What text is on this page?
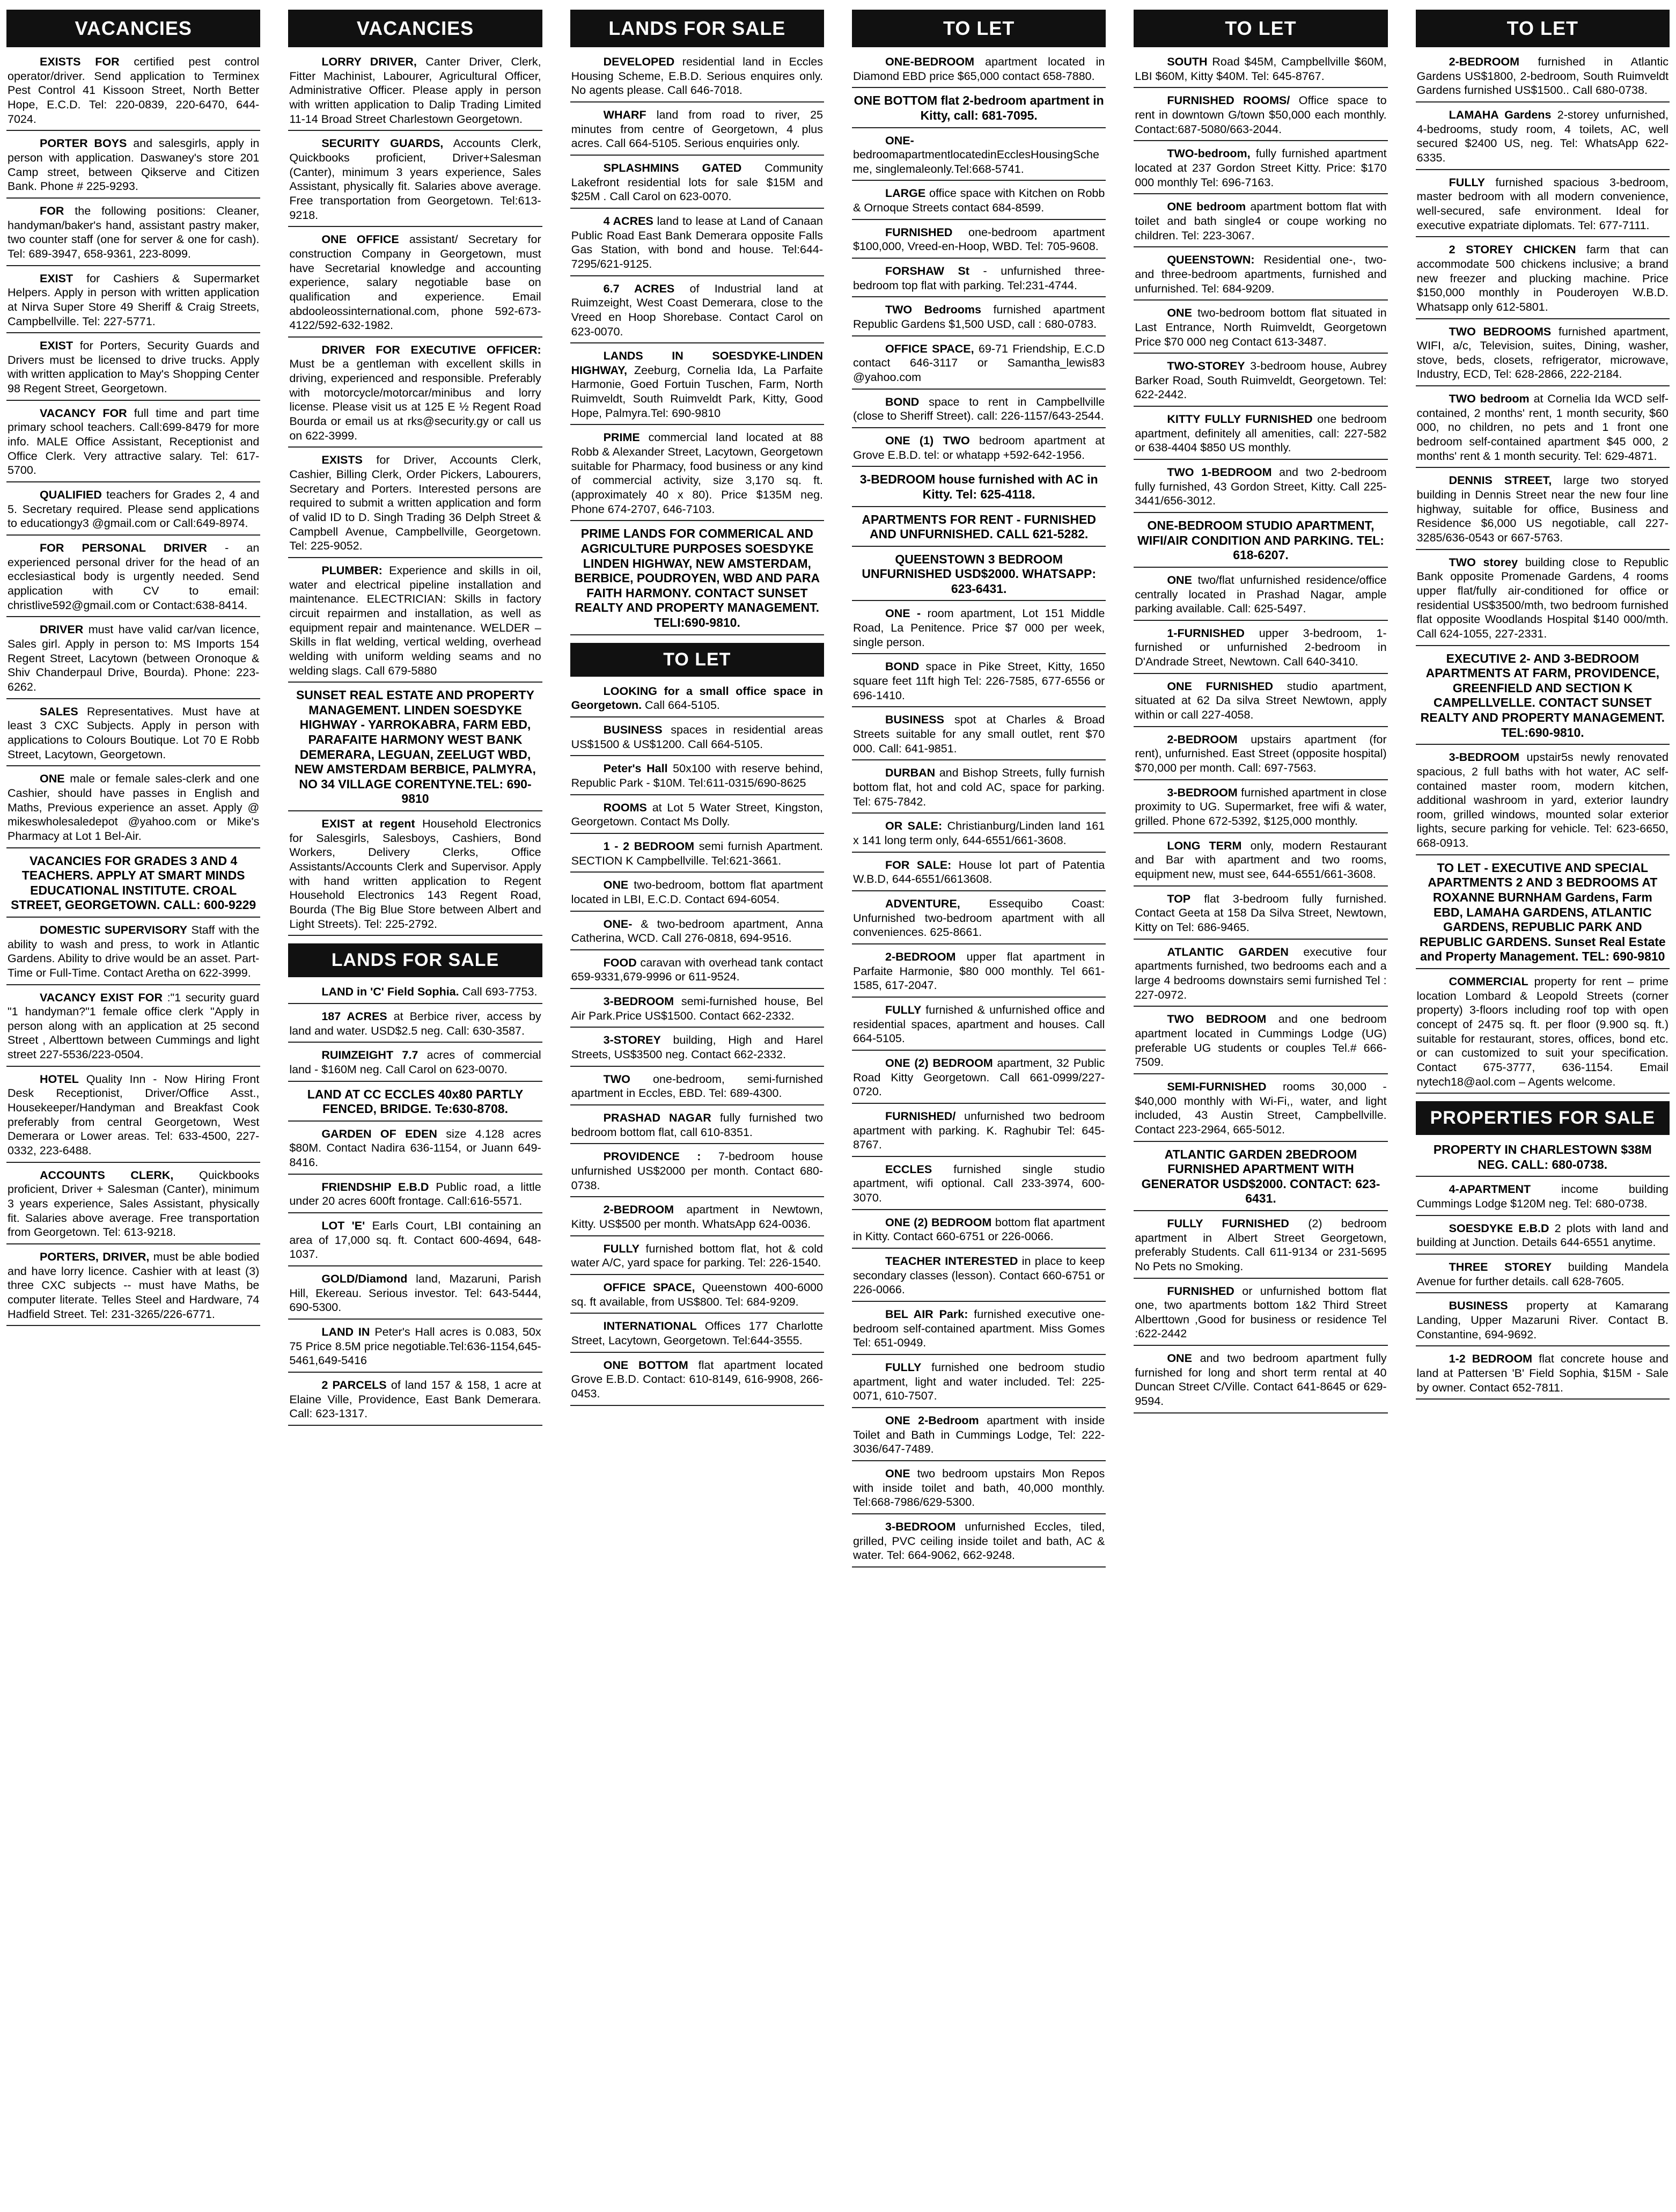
VACANCIES
EXISTS FOR certified pest control operator/driver. Send application to Terminex Pest Control 41 Kissoon Street, North Better Hope, E.C.D. Tel: 220-0839, 220-6470, 644-7024.
PORTER BOYS and salesgirls, apply in person with application. Daswaney's store 201 Camp street, between Qikserve and Citizen Bank. Phone # 225-9293.
FOR the following positions: Cleaner, handyman/baker's hand, assistant pastry maker, two counter staff (one for server & one for cash). Tel: 689-3947, 658-9361, 223-8099.
EXIST for Cashiers & Supermarket Helpers. Apply in person with written application at Nirva Super Store 49 Sheriff & Craig Streets, Campbellville. Tel: 227-5771.
EXIST for Porters, Security Guards and Drivers must be licensed to drive trucks. Apply with written application to May's Shopping Center 98 Regent Street, Georgetown.
VACANCY FOR full time and part time primary school teachers. Call:699-8479 for more info. MALE Office Assistant, Receptionist and Office Clerk. Very attractive salary. Tel: 617-5700.
QUALIFIED teachers for Grades 2, 4 and 5. Secretary required. Please send applications to educationgy3 @gmail.com or Call:649-8974.
FOR PERSONAL DRIVER - an experienced personal driver for the head of an ecclesiastical body is urgently needed. Send application with CV to email: christlive592@gmail.com or Contact:638-8414.
DRIVER must have valid car/van licence, Sales girl. Apply in person to: MS Imports 154 Regent Street, Lacytown (between Oronoque & Shiv Chanderpaul Drive, Bourda). Phone: 223-6262.
SALES Representatives. Must have at least 3 CXC Subjects. Apply in person with applications to Colours Boutique. Lot 70 E Robb Street, Lacytown, Georgetown.
ONE male or female sales-clerk and one Cashier, should have passes in English and Maths, Previous experience an asset. Apply @ mikeswholesaledepot @yahoo.com or Mike's Pharmacy at Lot 1 Bel-Air.
VACANCIES FOR GRADES 3 AND 4 TEACHERS. APPLY AT SMART MINDS EDUCATIONAL INSTITUTE. CROAL STREET, GEORGETOWN. CALL: 600-9229
DOMESTIC SUPERVISORY Staff with the ability to wash and press, to work in Atlantic Gardens. Ability to drive would be an asset. Part-Time or Full-Time. Contact Aretha on 622-3999.
VACANCY EXIST FOR :"1 security guard "1 handyman?"1 female office clerk "Apply in person along with an application at 25 second Street , Alberttown between Cummings and light street 227-5536/223-0504.
HOTEL Quality Inn - Now Hiring Front Desk Receptionist, Driver/Office Asst., Housekeeper/Handyman and Breakfast Cook preferably from central Georgetown, West Demerara or Lower areas. Tel: 633-4500, 227-0332, 223-6488.
ACCOUNTS CLERK, Quickbooks proficient, Driver + Salesman (Canter), minimum 3 years experience, Sales Assistant, physically fit. Salaries above average. Free transportation from Georgetown. Tel: 613-9218.
PORTERS, DRIVER, must be able bodied and have lorry licence. Cashier with at least (3) three CXC subjects -- must have Maths, be computer literate. Telles Steel and Hardware, 74 Hadfield Street. Tel: 231-3265/226-6771.
VACANCIES
LORRY DRIVER, Canter Driver, Clerk, Fitter Machinist, Labourer, Agricultural Officer, Administrative Officer. Please apply in person with written application to Dalip Trading Limited 11-14 Broad Street Charlestown Georgetown.
SECURITY GUARDS, Accounts Clerk, Quickbooks proficient, Driver+Salesman (Canter), minimum 3 years experience, Sales Assistant, physically fit. Salaries above average. Free transportation from Georgetown. Tel:613-9218.
ONE OFFICE assistant/ Secretary for construction Company in Georgetown, must have Secretarial knowledge and accounting experience, salary negotiable base on qualification and experience. Email abdooleossinternational.com, phone 592-673-4122/592-632-1982.
DRIVER FOR EXECUTIVE OFFICER: Must be a gentleman with excellent skills in driving, experienced and responsible. Preferably with motorcycle/motorcar/minibus and lorry license. Please visit us at 125 E ½ Regent Road Bourda or email us at rks@security.gy or call us on 622-3999.
EXISTS for Driver, Accounts Clerk, Cashier, Billing Clerk, Order Pickers, Labourers, Secretary and Porters. Interested persons are required to submit a written application and form of valid ID to D. Singh Trading 36 Delph Street & Campbell Avenue, Campbellville, Georgetown. Tel: 225-9052.
PLUMBER: Experience and skills in oil, water and electrical pipeline installation and maintenance. ELECTRICIAN: Skills in factory circuit repairmen and installation, as well as equipment repair and maintenance. WELDER – Skills in flat welding, vertical welding, overhead welding with uniform welding seams and no welding slags. Call 679-5880
SUNSET REAL ESTATE AND PROPERTY MANAGEMENT. LINDEN SOESDYKE HIGHWAY - YARROKABRA, FARM EBD, PARAFAITE HARMONY WEST BANK DEMERARA, LEGUAN, ZEELUGT WBD, NEW AMSTERDAM BERBICE, PALMYRA, NO 34 VILLAGE CORENTYNE.TEL: 690-9810
EXIST at regent Household Electronics for Salesgirls, Salesboys, Cashiers, Bond Workers, Delivery Clerks, Office Assistants/Accounts Clerk and Supervisor. Apply with hand written application to Regent Household Electronics 143 Regent Road, Bourda (The Big Blue Store between Albert and Light Streets). Tel: 225-2792.
LANDS FOR SALE
LAND in 'C' Field Sophia. Call 693-7753.
187 ACRES at Berbice river, access by land and water. USD$2.5 neg. Call: 630-3587.
RUIMZEIGHT 7.7 acres of commercial land - $160M neg. Call Carol on 623-0070.
LAND AT CC ECCLES 40x80 PARTLY FENCED, BRIDGE. Te:630-8708.
GARDEN OF EDEN size 4.128 acres $80M. Contact Nadira 636-1154, or Juann 649-8416.
FRIENDSHIP E.B.D Public road, a little under 20 acres 600ft frontage. Call:616-5571.
LOT 'E' Earls Court, LBI containing an area of 17,000 sq. ft. Contact 600-4694, 648-1037.
GOLD/Diamond land, Mazaruni, Parish Hill, Ekereau. Serious investor. Tel: 643-5444, 690-5300.
LAND IN Peter's Hall acres is 0.083, 50x 75 Price 8.5M price negotiable.Tel:636-1154,645-5461,649-5416
2 PARCELS of land 157 & 158, 1 acre at Elaine Ville, Providence, East Bank Demerara. Call: 623-1317.
LANDS FOR SALE
DEVELOPED residential land in Eccles Housing Scheme, E.B.D. Serious enquires only. No agents please. Call 646-7018.
WHARF land from road to river, 25 minutes from centre of Georgetown, 4 plus acres. Call 664-5105. Serious enquiries only.
SPLASHMINS GATED Community Lakefront residential lots for sale $15M and $25M . Call Carol on 623-0070.
4 ACRES land to lease at Land of Canaan Public Road East Bank Demerara opposite Falls Gas Station, with bond and house. Tel:644-7295/621-9125.
6.7 ACRES of Industrial land at Ruimzeight, West Coast Demerara, close to the Vreed en Hoop Shorebase. Contact Carol on 623-0070.
LANDS IN SOESDYKE-LINDEN HIGHWAY, Zeeburg, Cornelia Ida, La Parfaite Harmonie, Goed Fortuin Tuschen, Farm, North Ruimveldt, South Ruimveldt Park, Kitty, Good Hope, Palmyra.Tel: 690-9810
PRIME commercial land located at 88 Robb & Alexander Street, Lacytown, Georgetown suitable for Pharmacy, food business or any kind of commercial activity, size 3,170 sq. ft. (approximately 40 x 80). Price $135M neg. Phone 674-2707, 646-7103.
PRIME LANDS FOR COMMERICAL AND AGRICULTURE PURPOSES SOESDYKE LINDEN HIGHWAY, NEW AMSTERDAM, BERBICE, POUDROYEN, WBD AND PARA FAITH HARMONY. CONTACT SUNSET REALTY AND PROPERTY MANAGEMENT. TELI:690-9810.
TO LET
LOOKING for a small office space in Georgetown. Call 664-5105.
BUSINESS spaces in residential areas US$1500 & US$1200. Call 664-5105.
Peter's Hall 50x100 with reserve behind, Republic Park - $10M. Tel:611-0315/690-8625
ROOMS at Lot 5 Water Street, Kingston, Georgetown. Contact Ms Dolly.
1 - 2 BEDROOM semi furnish Apartment. SECTION K Campbellville. Tel:621-3661.
ONE two-bedroom, bottom flat apartment located in LBI, E.C.D. Contact 694-6054.
ONE- & two-bedroom apartment, Anna Catherina, WCD. Call 276-0818, 694-9516.
FOOD caravan with overhead tank contact 659-9331,679-9996 or 611-9524.
3-BEDROOM semi-furnished house, Bel Air Park.Price US$1500. Contact 662-2332.
3-STOREY building, High and Harel Streets, US$3500 neg. Contact 662-2332.
TWO one-bedroom, semi-furnished apartment in Eccles, EBD. Tel: 689-4300.
PRASHAD NAGAR fully furnished two bedroom bottom flat, call 610-8351.
PROVIDENCE : 7-bedroom house unfurnished US$2000 per month. Contact 680-0738.
2-BEDROOM apartment in Newtown, Kitty. US$500 per month. WhatsApp 624-0036.
FULLY furnished bottom flat, hot & cold water A/C, yard space for parking. Tel: 226-1540.
OFFICE SPACE, Queenstown 400-6000 sq. ft available, from US$800. Tel: 684-9209.
INTERNATIONAL Offices 177 Charlotte Street, Lacytown, Georgetown. Tel:644-3555.
ONE BOTTOM flat apartment located Grove E.B.D. Contact: 610-8149, 616-9908, 266-0453.
TO LET
ONE-BEDROOM apartment located in Diamond EBD price $65,000 contact 658-7880.
ONE BOTTOM flat 2-bedroom apartment in Kitty, call: 681-7095.
ONE- bedroomapartmentlocatedinEcclesHousingScheme, singlemaleonly.Tel:668-5741.
LARGE office space with Kitchen on Robb & Ornoque Streets contact 684-8599.
FURNISHED one-bedroom apartment $100,000, Vreed-en-Hoop, WBD. Tel: 705-9608.
FORSHAW St - unfurnished three-bedroom top flat with parking. Tel:231-4744.
TWO Bedrooms furnished apartment Republic Gardens $1,500 USD, call : 680-0783.
OFFICE SPACE, 69-71 Friendship, E.C.D contact 646-3117 or Samantha_lewis83 @yahoo.com
BOND space to rent in Campbellville (close to Sheriff Street). call: 226-1157/643-2544.
ONE (1) TWO bedroom apartment at Grove E.B.D. tel: or whatapp +592-642-1956.
3-BEDROOM house furnished with AC in Kitty. Tel: 625-4118.
APARTMENTS FOR RENT - FURNISHED AND UNFURNISHED. CALL 621-5282.
QUEENSTOWN 3 BEDROOM UNFURNISHED USD$2000. WHATSAPP: 623-6431.
ONE - room apartment, Lot 151 Middle Road, La Penitence. Price $7 000 per week, single person.
BOND space in Pike Street, Kitty, 1650 square feet 11ft high Tel: 226-7585, 677-6556 or 696-1410.
BUSINESS spot at Charles & Broad Streets suitable for any small outlet, rent $70 000. Call: 641-9851.
DURBAN and Bishop Streets, fully furnish bottom flat, hot and cold AC, space for parking. Tel: 675-7842.
OR SALE: Christianburg/Linden land 161 x 141 long term only, 644-6551/661-3608.
FOR SALE: House lot part of Patentia W.B.D, 644-6551/6613608.
ADVENTURE, Essequibo Coast: Unfurnished two-bedroom apartment with all conveniences. 625-8661.
2-BEDROOM upper flat apartment in Parfaite Harmonie, $80 000 monthly. Tel 661-1585, 617-2047.
FULLY furnished & unfurnished office and residential spaces, apartment and houses. Call 664-5105.
ONE (2) BEDROOM apartment, 32 Public Road Kitty Georgetown. Call 661-0999/227-0720.
FURNISHED/ unfurnished two bedroom apartment with parking. K. Raghubir Tel: 645-8767.
ECCLES furnished single studio apartment, wifi optional. Call 233-3974, 600-3070.
ONE (2) BEDROOM bottom flat apartment in Kitty. Contact 660-6751 or 226-0066.
TEACHER INTERESTED in place to keep secondary classes (lesson). Contact 660-6751 or 226-0066.
BEL AIR Park: furnished executive one-bedroom self-contained apartment. Miss Gomes Tel: 651-0949.
FULLY furnished one bedroom studio apartment, light and water included. Tel: 225-0071, 610-7507.
ONE 2-Bedroom apartment with inside Toilet and Bath in Cummings Lodge, Tel: 222-3036/647-7489.
ONE two bedroom upstairs Mon Repos with inside toilet and bath, 40,000 monthly. Tel:668-7986/629-5300.
3-BEDROOM unfurnished Eccles, tiled, grilled, PVC ceiling inside toilet and bath, AC & water. Tel: 664-9062, 662-9248.
TO LET
SOUTH Road $45M, Campbellville $60M, LBI $60M, Kitty $40M. Tel: 645-8767.
FURNISHED ROOMS/ Office space to rent in downtown G/town $50,000 each monthly. Contact:687-5080/663-2044.
TWO-bedroom, fully furnished apartment located at 237 Gordon Street Kitty. Price: $170 000 monthly Tel: 696-7163.
ONE bedroom apartment bottom flat with toilet and bath single4 or coupe working no children. Tel: 223-3067.
QUEENSTOWN: Residential one-, two- and three-bedroom apartments, furnished and unfurnished. Tel: 684-9209.
ONE two-bedroom bottom flat situated in Last Entrance, North Ruimveldt, Georgetown Price $70 000 neg Contact 613-3487.
TWO-STOREY 3-bedroom house, Aubrey Barker Road, South Ruimveldt, Georgetown. Tel: 622-2442.
KITTY FULLY FURNISHED one bedroom apartment, definitely all amenities, call: 227-582 or 638-4404 $850 US monthly.
TWO 1-BEDROOM and two 2-bedroom fully furnished, 43 Gordon Street, Kitty. Call 225-3441/656-3012.
ONE-BEDROOM STUDIO APARTMENT, WIFI/AIR CONDITION AND PARKING. TEL: 618-6207.
ONE two/flat unfurnished residence/office centrally located in Prashad Nagar, ample parking available. Call: 625-5497.
1-FURNISHED upper 3-bedroom, 1-furnished or unfurnished 2-bedroom in D'Andrade Street, Newtown. Call 640-3410.
ONE FURNISHED studio apartment, situated at 62 Da silva Street Newtown, apply within or call 227-4058.
2-BEDROOM upstairs apartment (for rent), unfurnished. East Street (opposite hospital) $70,000 per month. Call: 697-7563.
3-BEDROOM furnished apartment in close proximity to UG. Supermarket, free wifi & water, grilled. Phone 672-5392, $125,000 monthly.
LONG TERM only, modern Restaurant and Bar with apartment and two rooms, equipment new, must see, 644-6551/661-3608.
TOP flat 3-bedroom fully furnished. Contact Geeta at 158 Da Silva Street, Newtown, Kitty on Tel: 686-9465.
ATLANTIC GARDEN executive four apartments furnished, two bedrooms each and a large 4 bedrooms downstairs semi furnished Tel : 227-0972.
TWO BEDROOM and one bedroom apartment located in Cummings Lodge (UG) preferable UG students or couples Tel.# 666-7509.
SEMI-FURNISHED rooms 30,000 - $40,000 monthly with Wi-Fi,, water, and light included, 43 Austin Street, Campbellville. Contact 223-2964, 665-5012.
ATLANTIC GARDEN 2BEDROOM FURNISHED APARTMENT WITH GENERATOR USD$2000. CONTACT: 623-6431.
FULLY FURNISHED (2) bedroom apartment in Albert Street Georgetown, preferably Students. Call 611-9134 or 231-5695 No Pets no Smoking.
FURNISHED or unfurnished bottom flat one, two apartments bottom 1&2 Third Street Alberttown ,Good for business or residence Tel :622-2442
ONE and two bedroom apartment fully furnished for long and short term rental at 40 Duncan Street C/Ville. Contact 641-8645 or 629-9594.
TO LET
2-BEDROOM furnished in Atlantic Gardens US$1800, 2-bedroom, South Ruimveldt Gardens furnished US$1500.. Call 680-0738.
LAMAHA Gardens 2-storey unfurnished, 4-bedrooms, study room, 4 toilets, AC, well secured $2400 US, neg. Tel: WhatsApp 622-6335.
FULLY furnished spacious 3-bedroom, master bedroom with all modern convenience, well-secured, safe environment. Ideal for executive expatriate diplomats. Tel: 677-7111.
2 STOREY CHICKEN farm that can accommodate 500 chickens inclusive; a brand new freezer and plucking machine. Price $150,000 monthly in Pouderoyen W.B.D. Whatsapp only 612-5801.
TWO BEDROOMS furnished apartment, WIFI, a/c, Television, suites, Dining, washer, stove, beds, closets, refrigerator, microwave, Industry, ECD, Tel: 628-2866, 222-2184.
TWO bedroom at Cornelia Ida WCD self-contained, 2 months' rent, 1 month security, $60 000, no children, no pets and 1 front one bedroom self-contained apartment $45 000, 2 months' rent & 1 month security. Tel: 629-4871.
DENNIS STREET, large two storyed building in Dennis Street near the new four line highway, suitable for office, Business and Residence $6,000 US negotiable, call 227-3285/636-0543 or 667-5763.
TWO storey building close to Republic Bank opposite Promenade Gardens, 4 rooms upper flat/fully air-conditioned for office or residential US$3500/mth, two bedroom furnished flat opposite Woodlands Hospital $140 000/mth. Call 624-1055, 227-2331.
EXECUTIVE 2- AND 3-BEDROOM APARTMENTS AT FARM, PROVIDENCE, GREENFIELD AND SECTION K CAMPELLVELLE. CONTACT SUNSET REALTY AND PROPERTY MANAGEMENT. TEL:690-9810.
3-BEDROOM upstair5s newly renovated spacious, 2 full baths with hot water, AC self-contained master room, modern kitchen, additional washroom in yard, exterior laundry room, grilled windows, mounted solar exterior lights, secure parking for vehicle. Tel: 623-6650, 668-0913.
TO LET - EXECUTIVE AND SPECIAL APARTMENTS 2 AND 3 BEDROOMS AT ROXANNE BURNHAM Gardens, Farm EBD, LAMAHA GARDENS, ATLANTIC GARDENS, REPUBLIC PARK AND REPUBLIC GARDENS. Sunset Real Estate and Property Management. TEL: 690-9810
COMMERCIAL property for rent – prime location Lombard & Leopold Streets (corner property) 3-floors including roof top with open concept of 2475 sq. ft. per floor (9.900 sq. ft.) suitable for restaurant, stores, offices, bond etc. or can customized to suit your specification. Contact 675-3777, 636-1154. Email nytech18@aol.com – Agents welcome.
PROPERTIES FOR SALE
PROPERTY IN CHARLESTOWN $38M NEG. CALL: 680-0738.
4-APARTMENT	income building Cummings Lodge $120M neg. Tel: 680-0738.
SOESDYKE E.B.D 2 plots with land and building at Junction. Details 644-6551 anytime.
THREE STOREY building Mandela Avenue for further details. call 628-7605.
BUSINESS property at Kamarang Landing, Upper Mazaruni River. Contact B. Constantine, 694-9692.
1-2 BEDROOM flat concrete house and land at Pattersen 'B' Field Sophia, $15M - Sale by owner. Contact 652-7811.
